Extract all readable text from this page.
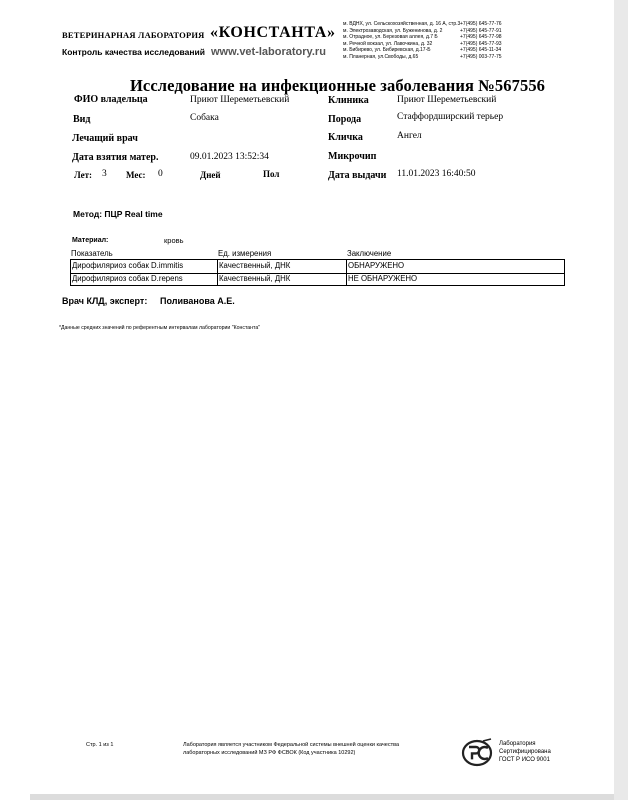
ВЕТЕРИНАРНАЯ ЛАБОРАТОРИЯ «КОНСТАНТА»
Контроль качества исследований www.vet-laboratory.ru
м. ВДНХ, ул. Сельскохозяйственная, д. 16 А, стр.3 +7(495) 645-77-76
м. Электрозаводская, ул. Буженинова, д. 2	+7(495) 645-77-91
м. Отрадное, ул. Березовая аллея, д.7 Б	+7(495) 645-77-98
м. Речной вокзал, ул. Лавочкина, д. 32	+7(495) 645-77-93
м. Бибирево, ул. Бибиревская, д.17-Б	+7(495) 645-11-34
м. Планерная, ул.Свободы, д.65	+7(495) 003-77-75
Исследование на инфекционные заболевания №567556
ФИО владельца	Приют Шереметьевский	Клиника	Приют Шереметьевский
Вид	Собака	Порода	Стаффордширский терьер
Лечащий врач	Кличка	Ангел
Дата взятия матер.	09.01.2023 13:52:34	Микрочип
Лет: 3 Мес: 0	Дней	Пол	Дата выдачи 11.01.2023 16:40:50
Метод: ПЦР Real time
Материал:	кровь
Показатель	Ед. измерения	Заключение
Дирофиляриоз собак D.immitis	Качественный, ДНК	ОБНАРУЖЕНО
Дирофиляриоз собак D.repens	Качественный, ДНК	НЕ ОБНАРУЖЕНО
Врач КЛД, эксперт: Поливанова А.Е.
*Данные средних значений по референтным интервалам лаборатории "Константа"
Стр. 1 из 1	Лаборатория является участником Федеральной системы внешней оценки качества
лабораторных исследований МЗ РФ ФСВОК (Код участника 10292)
Лаборатория
Сертифицирована
ГОСТ Р ИСО 9001
